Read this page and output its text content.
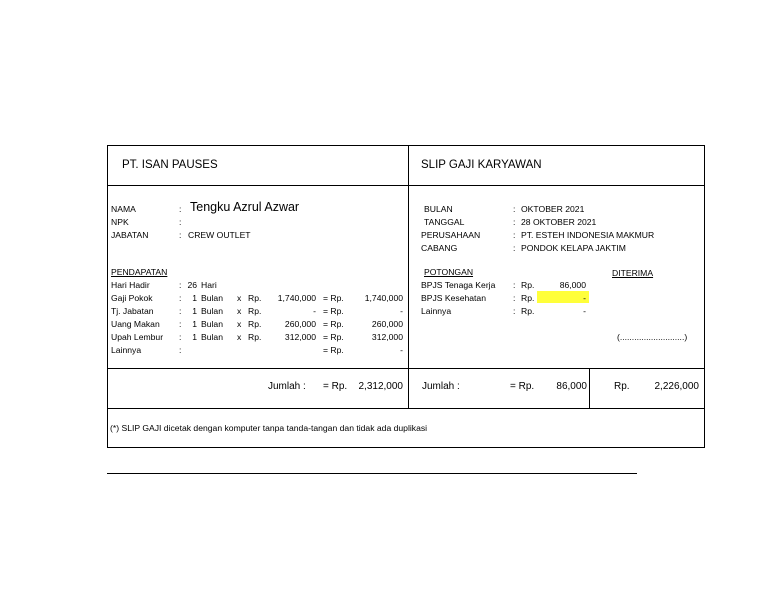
PT. ISAN PAUSES	SLIP GAJI KARYAWAN
NAMA	: Tengku Azrul Azwar
NPK	:
JABATAN	: CREW OUTLET
BULAN	: OKTOBER 2021
TANGGAL	: 28 OKTOBER 2021
PERUSAHAAN	: PT. ESTEH INDONESIA MAKMUR
CABANG	: PONDOK KELAPA JAKTIM
PENDAPATAN	POTONGAN	DITERIMA
Hari Hadir	: 26 Hari
Gaji Pokok	:	1 Bulan x Rp.	1,740,000 = Rp.	1,740,000
Tj. Jabatan	:	1 Bulan x Rp.	- = Rp.	-
Uang Makan :	1 Bulan x Rp.	260,000 = Rp.	260,000
Upah Lembur :	1 Bulan x Rp.	312,000 = Rp.	312,000
Lainnya	:	= Rp.	-
BPJS Tenaga Kerja : Rp.	86,000
BPJS Kesehatan	: Rp.	-
Lainnya	: Rp.	-
(...........................)
Jumlah : = Rp.	2,312,000 Jumlah :	= Rp.	86,000	Rp.	2,226,000
(*) SLIP GAJI dicetak dengan komputer tanpa tanda-tangan dan tidak ada duplikasi
